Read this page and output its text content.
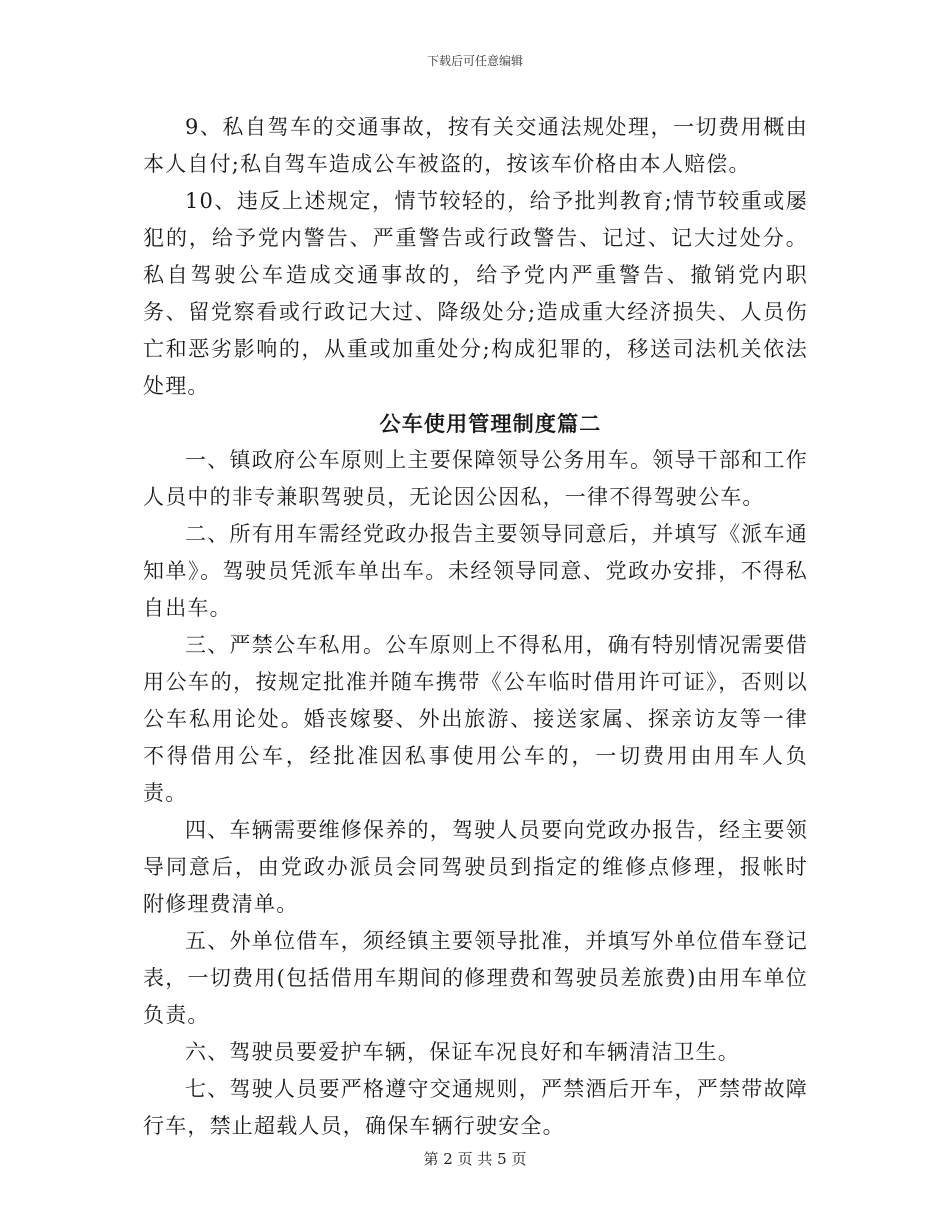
下载后可任意编辑

9、私自驾车的交通事故，按有关交通法规处理，一切费用概由本人自付;私自驾车造成公车被盗的，按该车价格由本人赔偿。

10、违反上述规定，情节较轻的，给予批判教育;情节较重或屡犯的，给予党内警告、严重警告或行政警告、记过、记大过处分。私自驾驶公车造成交通事故的，给予党内严重警告、撤销党内职务、留党察看或行政记大过、降级处分;造成重大经济损失、人员伤亡和恶劣影响的，从重或加重处分;构成犯罪的，移送司法机关依法处理。

公车使用管理制度篇二

一、镇政府公车原则上主要保障领导公务用车。领导干部和工作人员中的非专兼职驾驶员，无论因公因私，一律不得驾驶公车。

二、所有用车需经党政办报告主要领导同意后，并填写《派车通知单》。驾驶员凭派车单出车。未经领导同意、党政办安排，不得私自出车。

三、严禁公车私用。公车原则上不得私用，确有特别情况需要借用公车的，按规定批准并随车携带《公车临时借用许可证》，否则以公车私用论处。婚丧嫁娶、外出旅游、接送家属、探亲访友等一律不得借用公车，经批准因私事使用公车的，一切费用由用车人负责。

四、车辆需要维修保养的，驾驶人员要向党政办报告，经主要领导同意后，由党政办派员会同驾驶员到指定的维修点修理，报帐时附修理费清单。

五、外单位借车，须经镇主要领导批准，并填写外单位借车登记表，一切费用(包括借用车期间的修理费和驾驶员差旅费)由用车单位负责。

六、驾驶员要爱护车辆，保证车况良好和车辆清洁卫生。

七、驾驶人员要严格遵守交通规则，严禁酒后开车，严禁带故障行车，禁止超载人员，确保车辆行驶安全。

第 2 页 共 5 页
